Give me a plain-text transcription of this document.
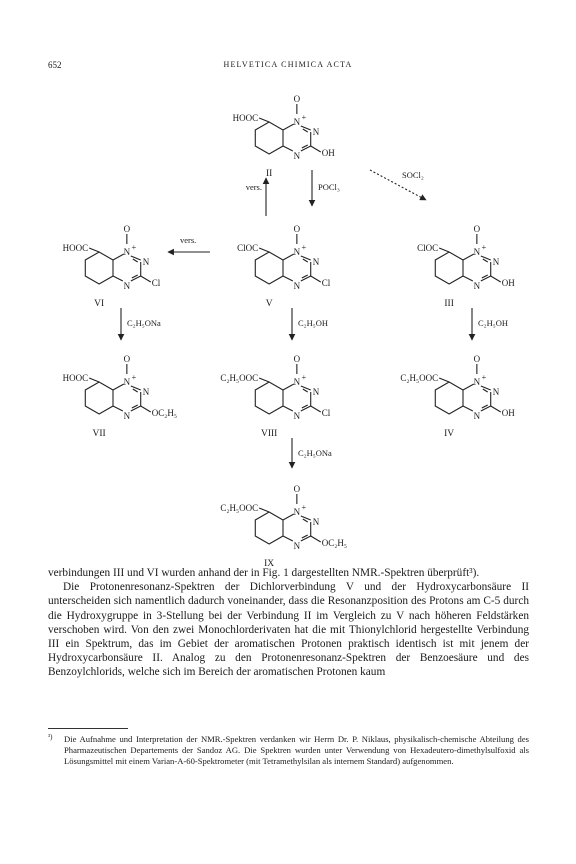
652	HELVETICA CHIMICA ACTA
N +
N
N
O
HOOC
OH
II
N +
N
N
O
HOOC
Cl
VI
N +
N
N
O
ClOC
Cl
V
N +
N
N
O
ClOC
OH
III
N +
N
N
O
HOOC
OC₂H₅
VII
N +
N
N
O
C₂H₅OOC
Cl
VIII
N +
N
N
O
C₂H₅OOC
OH
IV
N +
N
N
O
C₂H₅OOC
OC₂H₅
IX
vers.	POCl₃
SOCl₂
vers.
C₂H₅ONa	C₂H₅OH	C₂H₅OH
C₂H₅ONa

verbindungen III und VI wurden anhand der in Fig. 1 dargestellten NMR.-Spektren überprüft³).

Die Protonenresonanz-Spektren der Dichlorverbindung V und der Hydroxycarbonsäure II unterscheiden sich namentlich dadurch voneinander, dass die Resonanzposition des Protons am C-5 durch die Hydroxygruppe in 3-Stellung bei der Verbindung II im Vergleich zu V nach höheren Feldstärken verschoben wird. Von den zwei Monochlorderivaten hat die mit Thionylchlorid hergestellte Verbindung III ein Spektrum, das im Gebiet der aromatischen Protonen praktisch identisch ist mit jenem der Hydroxycarbonsäure II. Analog zu den Protonenresonanz-Spektren der Benzoesäure und des Benzoylchlorids, welche sich im Bereich der aromatischen Protonen kaum

³)	Die Aufnahme und Interpretation der NMR.-Spektren verdanken wir Herrn Dr. P. Niklaus, physikalisch-chemische Abteilung des Pharmazeutischen Departements der Sandoz AG. Die Spektren wurden unter Verwendung von Hexadeutero-dimethylsulfoxid als Lösungsmittel mit einem Varian-A-60-Spektrometer (mit Tetramethylsilan als internem Standard) aufgenommen.
